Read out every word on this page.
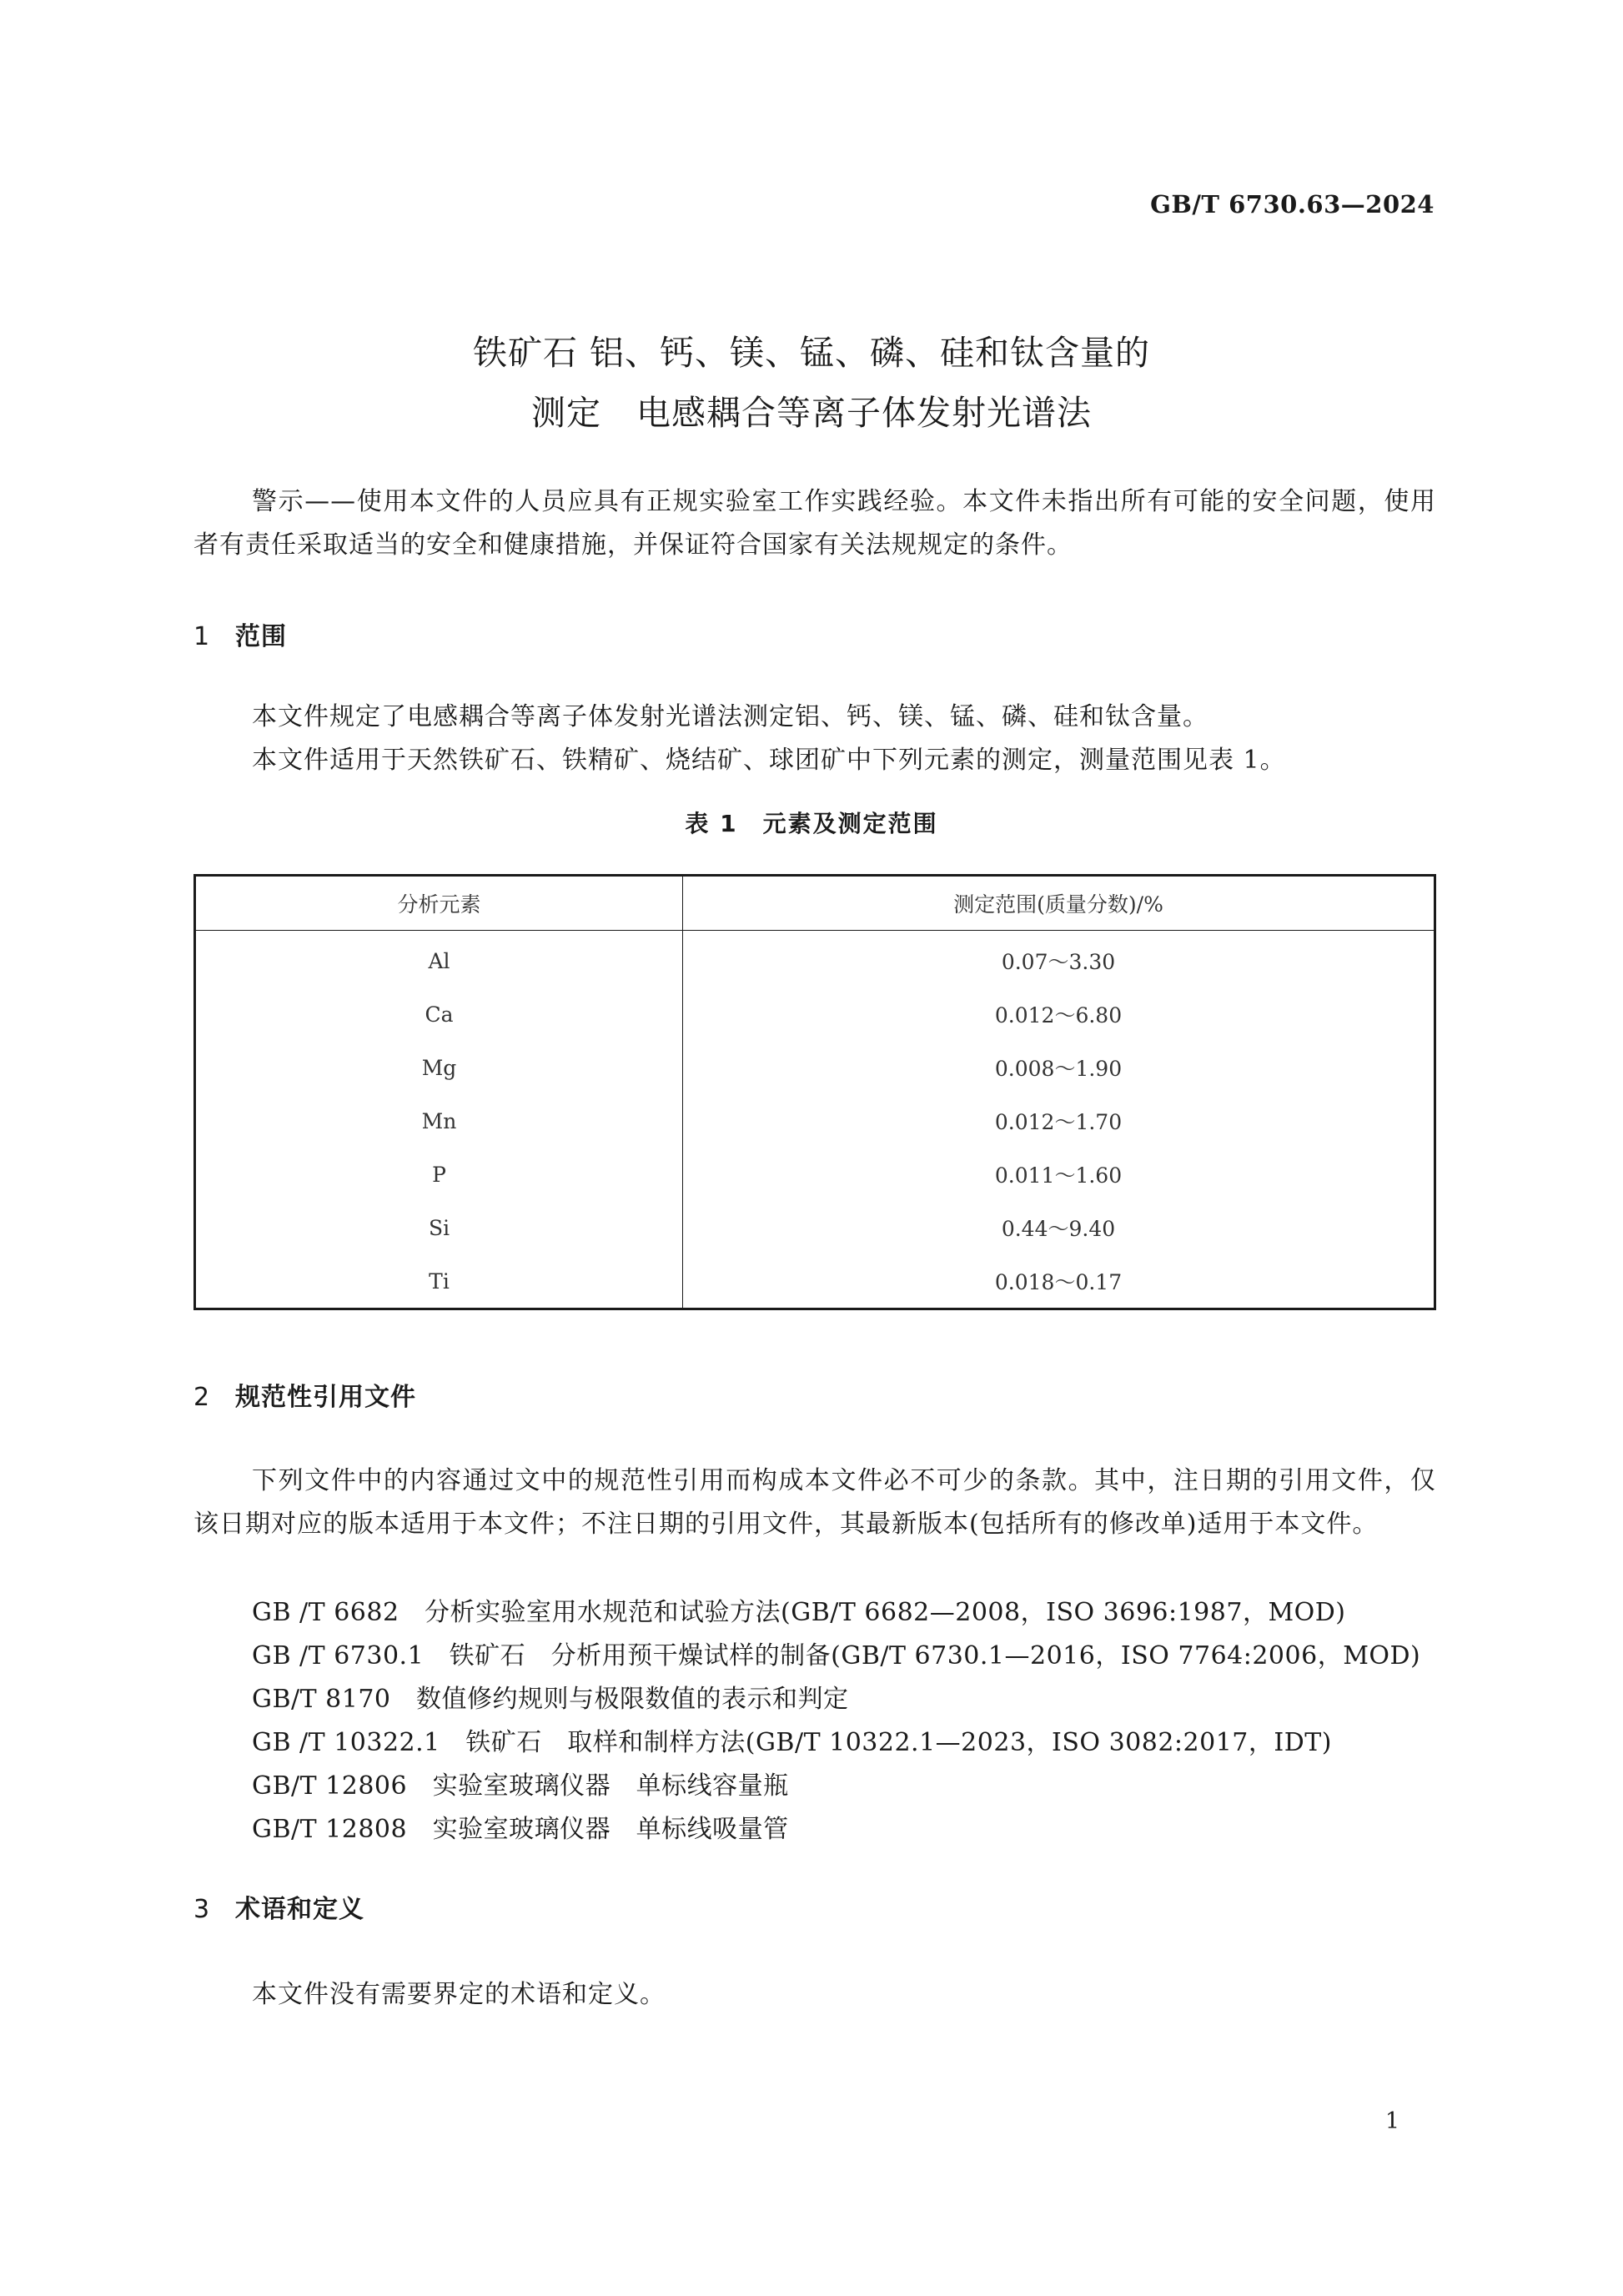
GB/T 6730.63—2024
铁矿石 铝、钙、镁、锰、磷、硅和钛含量的
测定　电感耦合等离子体发射光谱法
警示——使用本文件的人员应具有正规实验室工作实践经验。本文件未指出所有可能的安全问题，使用者有责任采取适当的安全和健康措施，并保证符合国家有关法规规定的条件。
1 范围
本文件规定了电感耦合等离子体发射光谱法测定铝、钙、镁、锰、磷、硅和钛含量。
本文件适用于天然铁矿石、铁精矿、烧结矿、球团矿中下列元素的测定，测量范围见表 1。
表 1　元素及测定范围
分析元素	测定范围(质量分数)/%
Al	0.07～3.30
Ca	0.012～6.80
Mg	0.008～1.90
Mn	0.012～1.70
P	0.011～1.60
Si	0.44～9.40
Ti	0.018～0.17
2 规范性引用文件
下列文件中的内容通过文中的规范性引用而构成本文件必不可少的条款。其中，注日期的引用文件，仅该日期对应的版本适用于本文件；不注日期的引用文件，其最新版本(包括所有的修改单)适用于本文件。
GB /T 6682　分析实验室用水规范和试验方法(GB/T 6682—2008，ISO 3696:1987，MOD)
GB /T 6730.1　铁矿石　分析用预干燥试样的制备(GB/T 6730.1—2016，ISO 7764:2006，MOD)
GB/T 8170　数值修约规则与极限数值的表示和判定
GB /T 10322.1　铁矿石　取样和制样方法(GB/T 10322.1—2023，ISO 3082:2017，IDT)
GB/T 12806　实验室玻璃仪器　单标线容量瓶
GB/T 12808　实验室玻璃仪器　单标线吸量管
3 术语和定义
本文件没有需要界定的术语和定义。
1
